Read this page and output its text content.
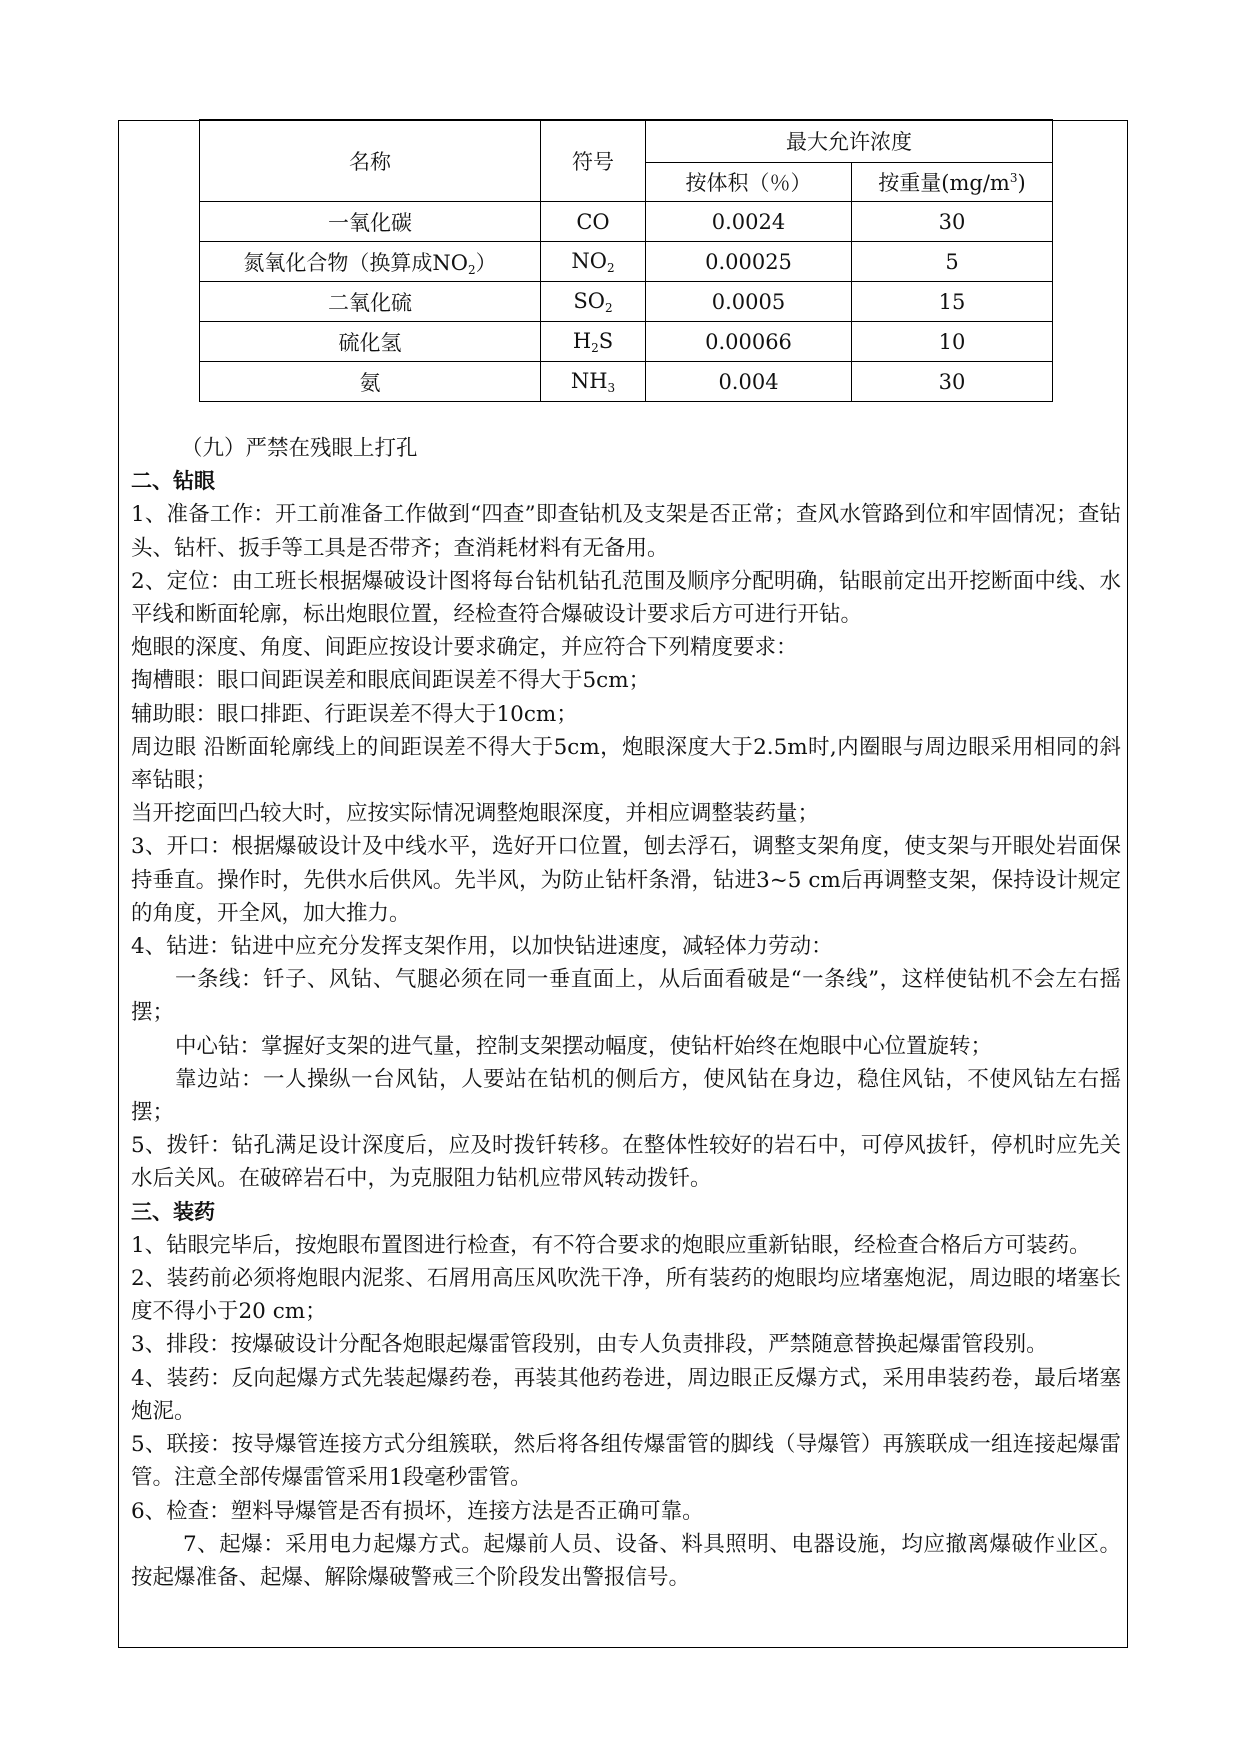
名称	符号	最大允许浓度	
		按体积（％）	按重量$(mg/m^3)$
一氧化碳	CO	0.0024	30
氮氧化合物（换算成$NO_2$）	$NO_2$	0.00025	5
二氧化硫	$SO_2$	0.0005	15
硫化氢	$H_2S$	0.00066	10
氨	$NH_3$	0.004	30

（九）严禁在残眼上打孔

二、钻眼

1、准备工作：开工前准备工作做到“四查”即查钻机及支架是否正常；查风水管路到位和牢固情况；查钻头、钻杆、扳手等工具是否带齐；查消耗材料有无备用。

2、定位：由工班长根据爆破设计图将每台钻机钻孔范围及顺序分配明确，钻眼前定出开挖断面中线、水平线和断面轮廓，标出炮眼位置，经检查符合爆破设计要求后方可进行开钻。

炮眼的深度、角度、间距应按设计要求确定，并应符合下列精度要求：

掏槽眼：眼口间距误差和眼底间距误差不得大于5cm；

辅助眼：眼口排距、行距误差不得大于10cm；

周边眼 沿断面轮廓线上的间距误差不得大于5cm，炮眼深度大于2.5m时,内圈眼与周边眼采用相同的斜率钻眼；

当开挖面凹凸较大时，应按实际情况调整炮眼深度，并相应调整装药量；

3、开口：根据爆破设计及中线水平，选好开口位置，刨去浮石，调整支架角度，使支架与开眼处岩面保持垂直。操作时，先供水后供风。先半风，为防止钻杆条滑，钻进3~5 cm后再调整支架，保持设计规定的角度，开全风，加大推力。

4、钻进：钻进中应充分发挥支架作用，以加快钻进速度，减轻体力劳动：

一条线：钎子、风钻、气腿必须在同一垂直面上，从后面看破是“一条线”，这样使钻机不会左右摇摆；

中心钻：掌握好支架的进气量，控制支架摆动幅度，使钻杆始终在炮眼中心位置旋转；

靠边站：一人操纵一台风钻，人要站在钻机的侧后方，使风钻在身边，稳住风钻，不使风钻左右摇摆；

5、拨钎：钻孔满足设计深度后，应及时拨钎转移。在整体性较好的岩石中，可停风拔钎，停机时应先关水后关风。在破碎岩石中，为克服阻力钻机应带风转动拨钎。

三、装药

1、钻眼完毕后，按炮眼布置图进行检查，有不符合要求的炮眼应重新钻眼，经检查合格后方可装药。

2、装药前必须将炮眼内泥浆、石屑用高压风吹洗干净，所有装药的炮眼均应堵塞炮泥，周边眼的堵塞长度不得小于20 cm；

3、排段：按爆破设计分配各炮眼起爆雷管段别，由专人负责排段，严禁随意替换起爆雷管段别。

4、装药：反向起爆方式先装起爆药卷，再装其他药卷进，周边眼正反爆方式，采用串装药卷，最后堵塞炮泥。

5、联接：按导爆管连接方式分组簇联，然后将各组传爆雷管的脚线（导爆管）再簇联成一组连接起爆雷管。注意全部传爆雷管采用1段毫秒雷管。

6、检查：塑料导爆管是否有损坏，连接方法是否正确可靠。

7、起爆：采用电力起爆方式。起爆前人员、设备、料具照明、电器设施，均应撤离爆破作业区。按起爆准备、起爆、解除爆破警戒三个阶段发出警报信号。
